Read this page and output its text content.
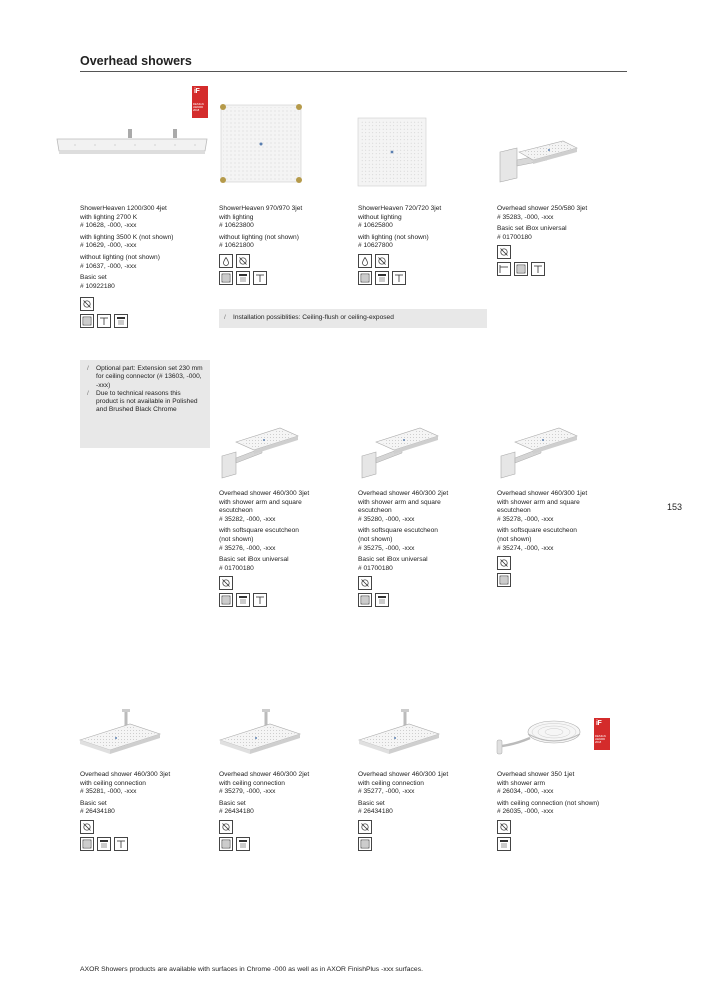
Overhead showers
153
iF
DESIGN AWARD 2018
ShowerHeaven 1200/300 4jet
with lighting 2700 K
# 10628, -000, -xxx
with lighting 3500 K (not shown)
# 10629, -000, -xxx
without lighting (not shown)
# 10637, -000, -xxx
Basic set
# 10922180
ShowerHeaven 970/970 3jet
with lighting
# 10623800
without lighting (not shown)
# 10621800
ShowerHeaven 720/720 3jet
without lighting
# 10625800
with lighting (not shown)
# 10627800
Overhead shower 250/580 3jet
# 35283, -000, -xxx
Basic set iBox universal
# 01700180
/ Installation possiblities: Ceiling-flush or ceiling-exposed
/ Optional part: Extension set 230 mm for ceiling connector (# 13603, -000, -xxx)
/ Due to technical reasons this product is not available in Polished and Brushed Black Chrome
Overhead shower 460/300 3jet
with shower arm and square
escutcheon
# 35282, -000, -xxx
with softsquare escutcheon
(not shown)
# 35276, -000, -xxx
Basic set iBox universal
# 01700180
Overhead shower 460/300 2jet
with shower arm and square
escutcheon
# 35280, -000, -xxx
with softsquare escutcheon
(not shown)
# 35275, -000, -xxx
Basic set iBox universal
# 01700180
Overhead shower 460/300 1jet
with shower arm and square
escutcheon
# 35278, -000, -xxx
with softsquare escutcheon
(not shown)
# 35274, -000, -xxx
iF
DESIGN AWARD 2018
Overhead shower 460/300 3jet
with ceiling connection
# 35281, -000, -xxx
Basic set
# 26434180
Overhead shower 460/300 2jet
with ceiling connection
# 35279, -000, -xxx
Basic set
# 26434180
Overhead shower 460/300 1jet
with ceiling connection
# 35277, -000, -xxx
Basic set
# 26434180
Overhead shower 350 1jet
with shower arm
# 26034, -000, -xxx
with ceiling connection (not shown)
# 26035, -000, -xxx
AXOR Showers products are available with surfaces in Chrome -000 as well as in AXOR FinishPlus -xxx surfaces.
